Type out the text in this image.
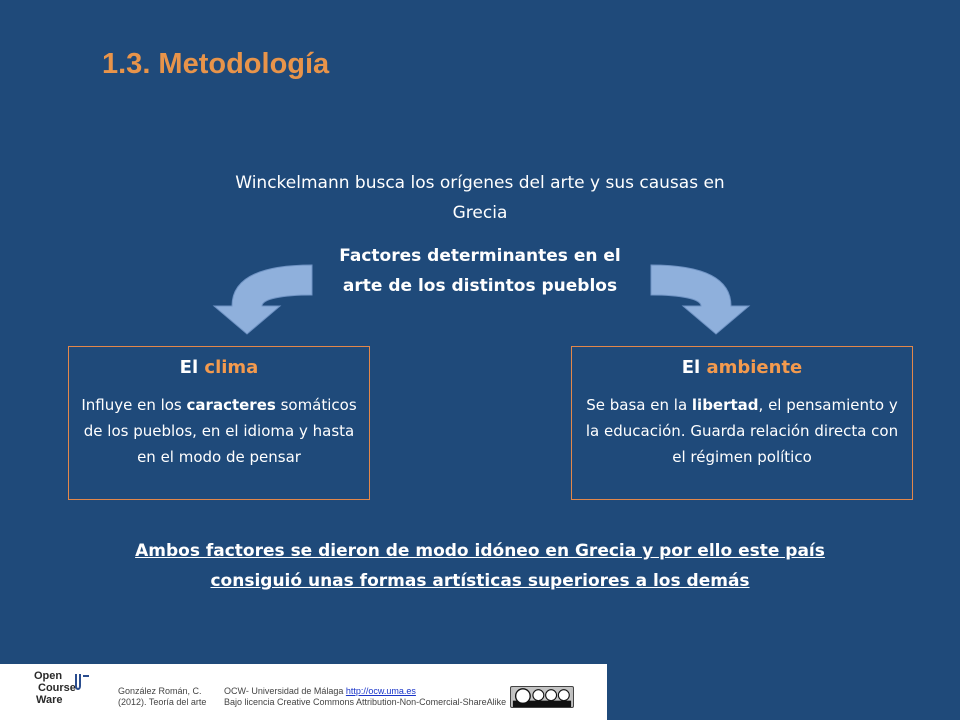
1.3. Metodología
Winckelmann busca los orígenes del arte y sus causas en
Grecia
Factores determinantes en el
arte de los distintos pueblos
El clima
Influye en los caracteres somáticos de los pueblos, en el idioma y hasta en el modo de pensar
El ambiente
Se basa en la libertad, el pensamiento y la educación. Guarda relación directa con el régimen político
Ambos factores se dieron de modo idóneo en Grecia y por ello este país
consiguió unas formas artísticas superiores a los demás
Open
Course
Ware
González Román, C.
(2012). Teoría del arte
OCW- Universidad de Málaga http://ocw.uma.es
Bajo licencia Creative Commons Attribution-Non-Comercial-ShareAlike
